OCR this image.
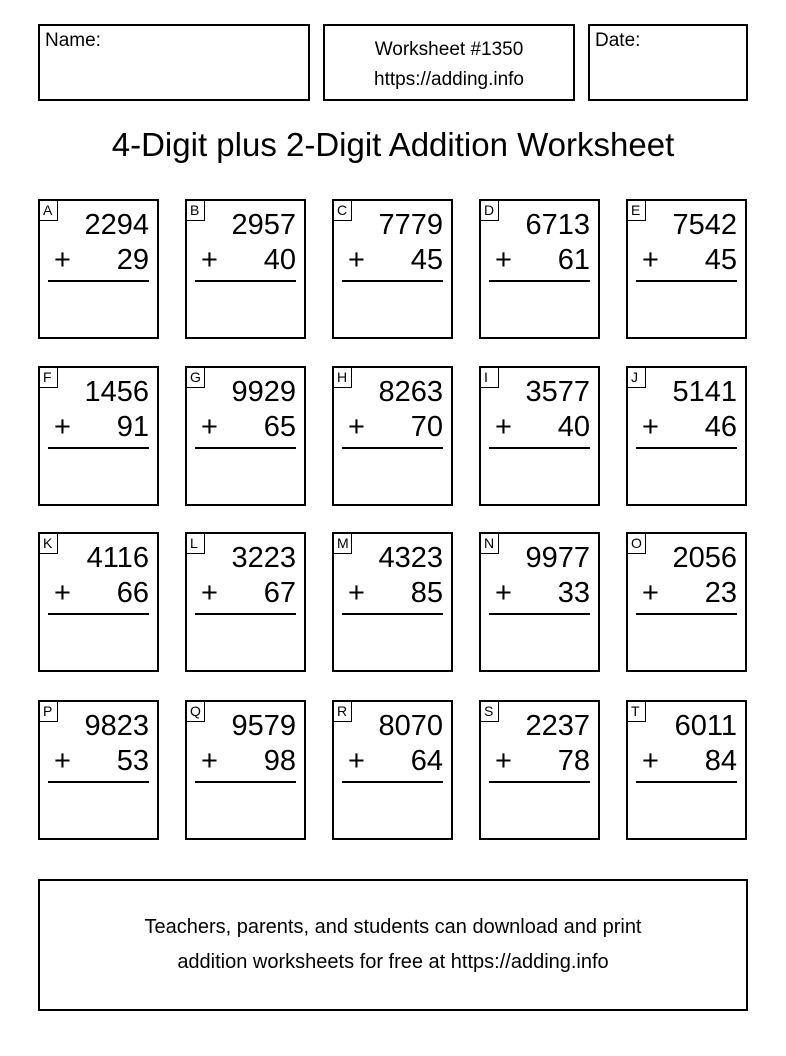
Name:	Worksheet #1350
https://adding.info
Date:
4-Digit plus 2-Digit Addition Worksheet
A 2294
+ 29
B 2957
+ 40
C 7779
+ 45
D 6713
+ 61
E 7542
+ 45
F 1456
+ 91
G 9929
+ 65
H 8263
+ 70
I	3577
+ 40
J 5141
+ 46
K 4116
+ 66
L 3223
+ 67
M 4323
+ 85
N 9977
+ 33
O 2056
+ 23
P 9823
+ 53
Q 9579
+ 98
R 8070
+ 64
S 2237
+ 78
T 6011
+ 84
Teachers, parents, and students can download and print
addition worksheets for free at https://adding.info
